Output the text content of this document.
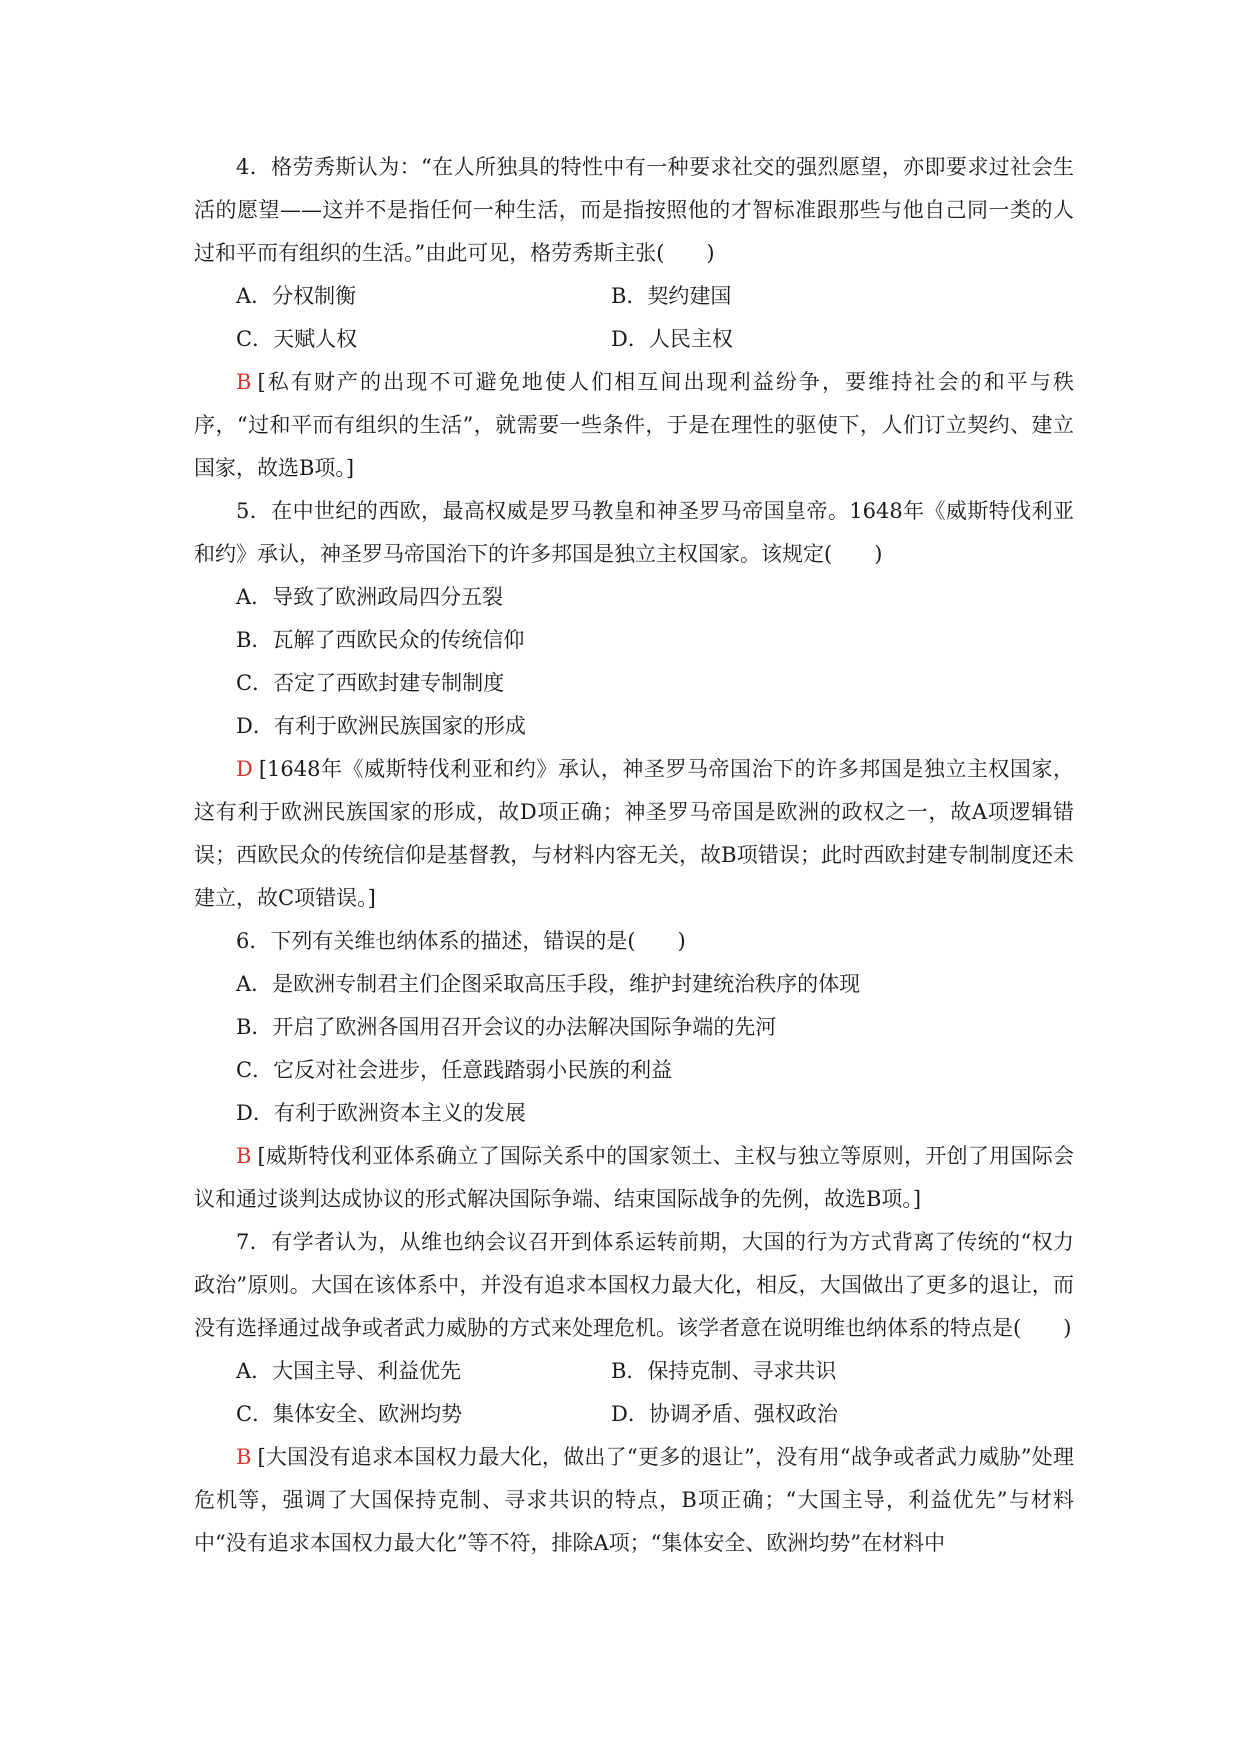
4．格劳秀斯认为：“在人所独具的特性中有一种要求社交的强烈愿望，亦即要求过社会生活的愿望——这并不是指任何一种生活，而是指按照他的才智标准跟那些与他自己同一类的人过和平而有组织的生活。”由此可见，格劳秀斯主张(　　)

A．分权制衡	B．契约建国

C．天赋人权	D．人民主权

B [私有财产的出现不可避免地使人们相互间出现利益纷争，要维持社会的和平与秩序，“过和平而有组织的生活”，就需要一些条件，于是在理性的驱使下，人们订立契约、建立国家，故选B项。]

5．在中世纪的西欧，最高权威是罗马教皇和神圣罗马帝国皇帝。1648年《威斯特伐利亚和约》承认，神圣罗马帝国治下的许多邦国是独立主权国家。该规定(　　)

A．导致了欧洲政局四分五裂

B．瓦解了西欧民众的传统信仰

C．否定了西欧封建专制制度

D．有利于欧洲民族国家的形成

D [1648年《威斯特伐利亚和约》承认，神圣罗马帝国治下的许多邦国是独立主权国家，这有利于欧洲民族国家的形成，故D项正确；神圣罗马帝国是欧洲的政权之一，故A项逻辑错误；西欧民众的传统信仰是基督教，与材料内容无关，故B项错误；此时西欧封建专制制度还未建立，故C项错误。]

6．下列有关维也纳体系的描述，错误的是(　　)

A．是欧洲专制君主们企图采取高压手段，维护封建统治秩序的体现

B．开启了欧洲各国用召开会议的办法解决国际争端的先河

C．它反对社会进步，任意践踏弱小民族的利益

D．有利于欧洲资本主义的发展

B [威斯特伐利亚体系确立了国际关系中的国家领土、主权与独立等原则，开创了用国际会议和通过谈判达成协议的形式解决国际争端、结束国际战争的先例，故选B项。]

7．有学者认为，从维也纳会议召开到体系运转前期，大国的行为方式背离了传统的“权力政治”原则。大国在该体系中，并没有追求本国权力最大化，相反，大国做出了更多的退让，而没有选择通过战争或者武力威胁的方式来处理危机。该学者意在说明维也纳体系的特点是(　　)

A．大国主导、利益优先	B．保持克制、寻求共识

C．集体安全、欧洲均势	D．协调矛盾、强权政治

B [大国没有追求本国权力最大化，做出了“更多的退让”，没有用“战争或者武力威胁”处理危机等，强调了大国保持克制、寻求共识的特点，B项正确；“大国主导，利益优先”与材料中“没有追求本国权力最大化”等不符，排除A项；“集体安全、欧洲均势”在材料中
